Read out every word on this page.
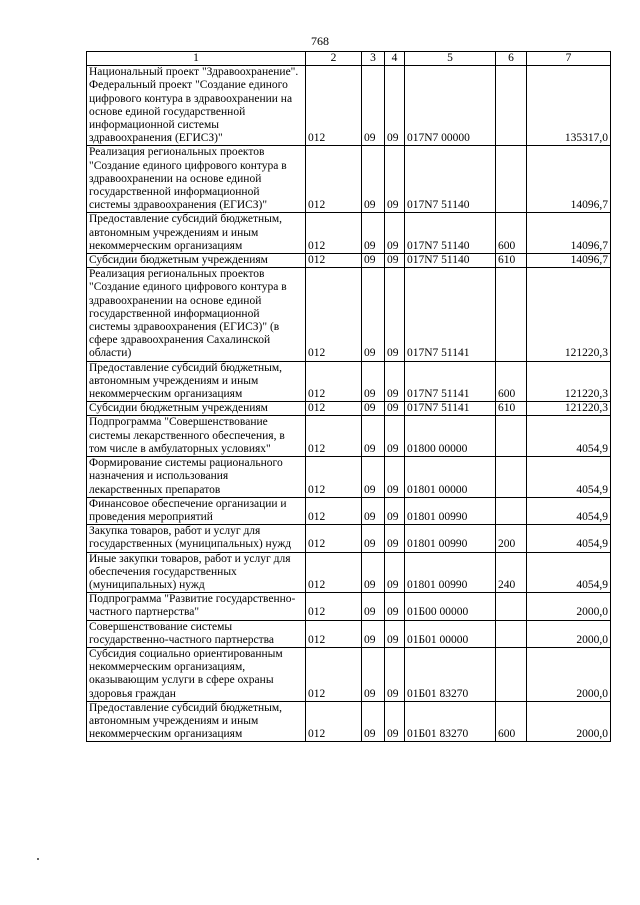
768
1	2	3	4	5	6	7
Национальный проект "Здравоохранение". Федеральный проект "Создание единого цифрового контура в здравоохранении на основе единой государственной информационной системы здравоохранения (ЕГИСЗ)"	012	09	09	017N7 00000		135317,0
Реализация региональных проектов "Создание единого цифрового контура в здравоохранении на основе единой государственной информационной системы здравоохранения (ЕГИСЗ)"	012	09	09	017N7 51140		14096,7
Предоставление субсидий бюджетным, автономным учреждениям и иным некоммерческим организациям	012	09	09	017N7 51140	600	14096,7
Субсидии бюджетным учреждениям	012	09	09	017N7 51140	610	14096,7
Реализация региональных проектов "Создание единого цифрового контура в здравоохранении на основе единой государственной информационной системы здравоохранения (ЕГИСЗ)" (в сфере здравоохранения Сахалинской области)	012	09	09	017N7 51141		121220,3
Предоставление субсидий бюджетным, автономным учреждениям и иным некоммерческим организациям	012	09	09	017N7 51141	600	121220,3
Субсидии бюджетным учреждениям	012	09	09	017N7 51141	610	121220,3
Подпрограмма "Совершенствование системы лекарственного обеспечения, в том числе в амбулаторных условиях"	012	09	09	01800 00000		4054,9
Формирование системы рационального назначения и использования лекарственных препаратов	012	09	09	01801 00000		4054,9
Финансовое обеспечение организации и проведения мероприятий	012	09	09	01801 00990		4054,9
Закупка товаров, работ и услуг для государственных (муниципальных) нужд	012	09	09	01801 00990	200	4054,9
Иные закупки товаров, работ и услуг для обеспечения государственных (муниципальных) нужд	012	09	09	01801 00990	240	4054,9
Подпрограмма "Развитие государственно-частного партнерства"	012	09	09	01Б00 00000		2000,0
Совершенствование системы государственно-частного партнерства	012	09	09	01Б01 00000		2000,0
Субсидия социально ориентированным некоммерческим организациям, оказывающим услуги в сфере охраны здоровья граждан	012	09	09	01Б01 83270		2000,0
Предоставление субсидий бюджетным, автономным учреждениям и иным некоммерческим организациям	012	09	09	01Б01 83270	600	2000,0
